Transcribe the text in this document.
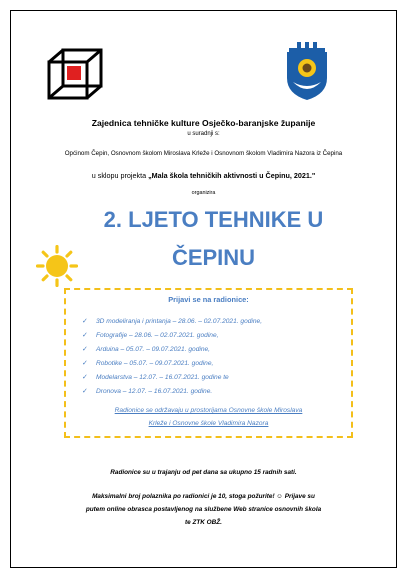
Zajednica tehničke kulture Osječko-baranjske županije
u suradnji s:
Općinom Čepin, Osnovnom školom Miroslava Krleže i Osnovnom školom Vladimira Nazora iz Čepina
u sklopu projekta „Mala škola tehničkih aktivnosti u Čepinu, 2021."
organizira
2. LJETO TEHNIKE U
ČEPINU
Prijavi se na radionice:
✓ 3D modeliranja i printanja – 28.06. – 02.07.2021. godine,
✓ Fotografije – 28.06. – 02.07.2021. godine,
✓ Arduina – 05.07. – 09.07.2021. godine,
✓ Robotike – 05.07. – 09.07.2021. godine,
✓ Modelarstva – 12.07. – 16.07.2021. godine te
✓ Dronova – 12.07. – 16.07.2021. godine.
Radionice se održavaju u prostorijama Osnovne škole Miroslava
Krleže i Osnovne škole Vladimira Nazora
Radionice su u trajanju od pet dana sa ukupno 15 radnih sati.
Maksimalni broj polaznika po radionici je 10, stoga požurite! ☺ Prijave su
putem online obrasca postavljenog na službene Web stranice osnovnih škola
te ZTK OBŽ.
